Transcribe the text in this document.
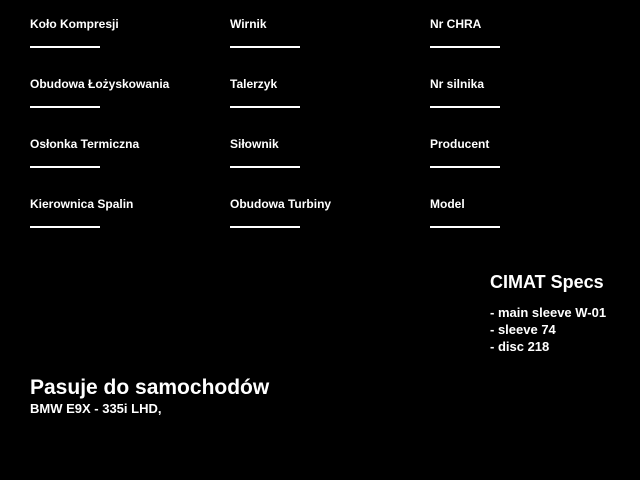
Koło Kompresji	Wirnik	Nr CHRA
Obudowa Łożyskowania	Talerzyk	Nr silnika
Osłonka Termiczna	Siłownik	Producent
Kierownica Spalin	Obudowa Turbiny	Model
CIMAT Specs
- main sleeve W-01
- sleeve 74
- disc 218
Pasuje do samochodów
BMW E9X - 335i LHD,
